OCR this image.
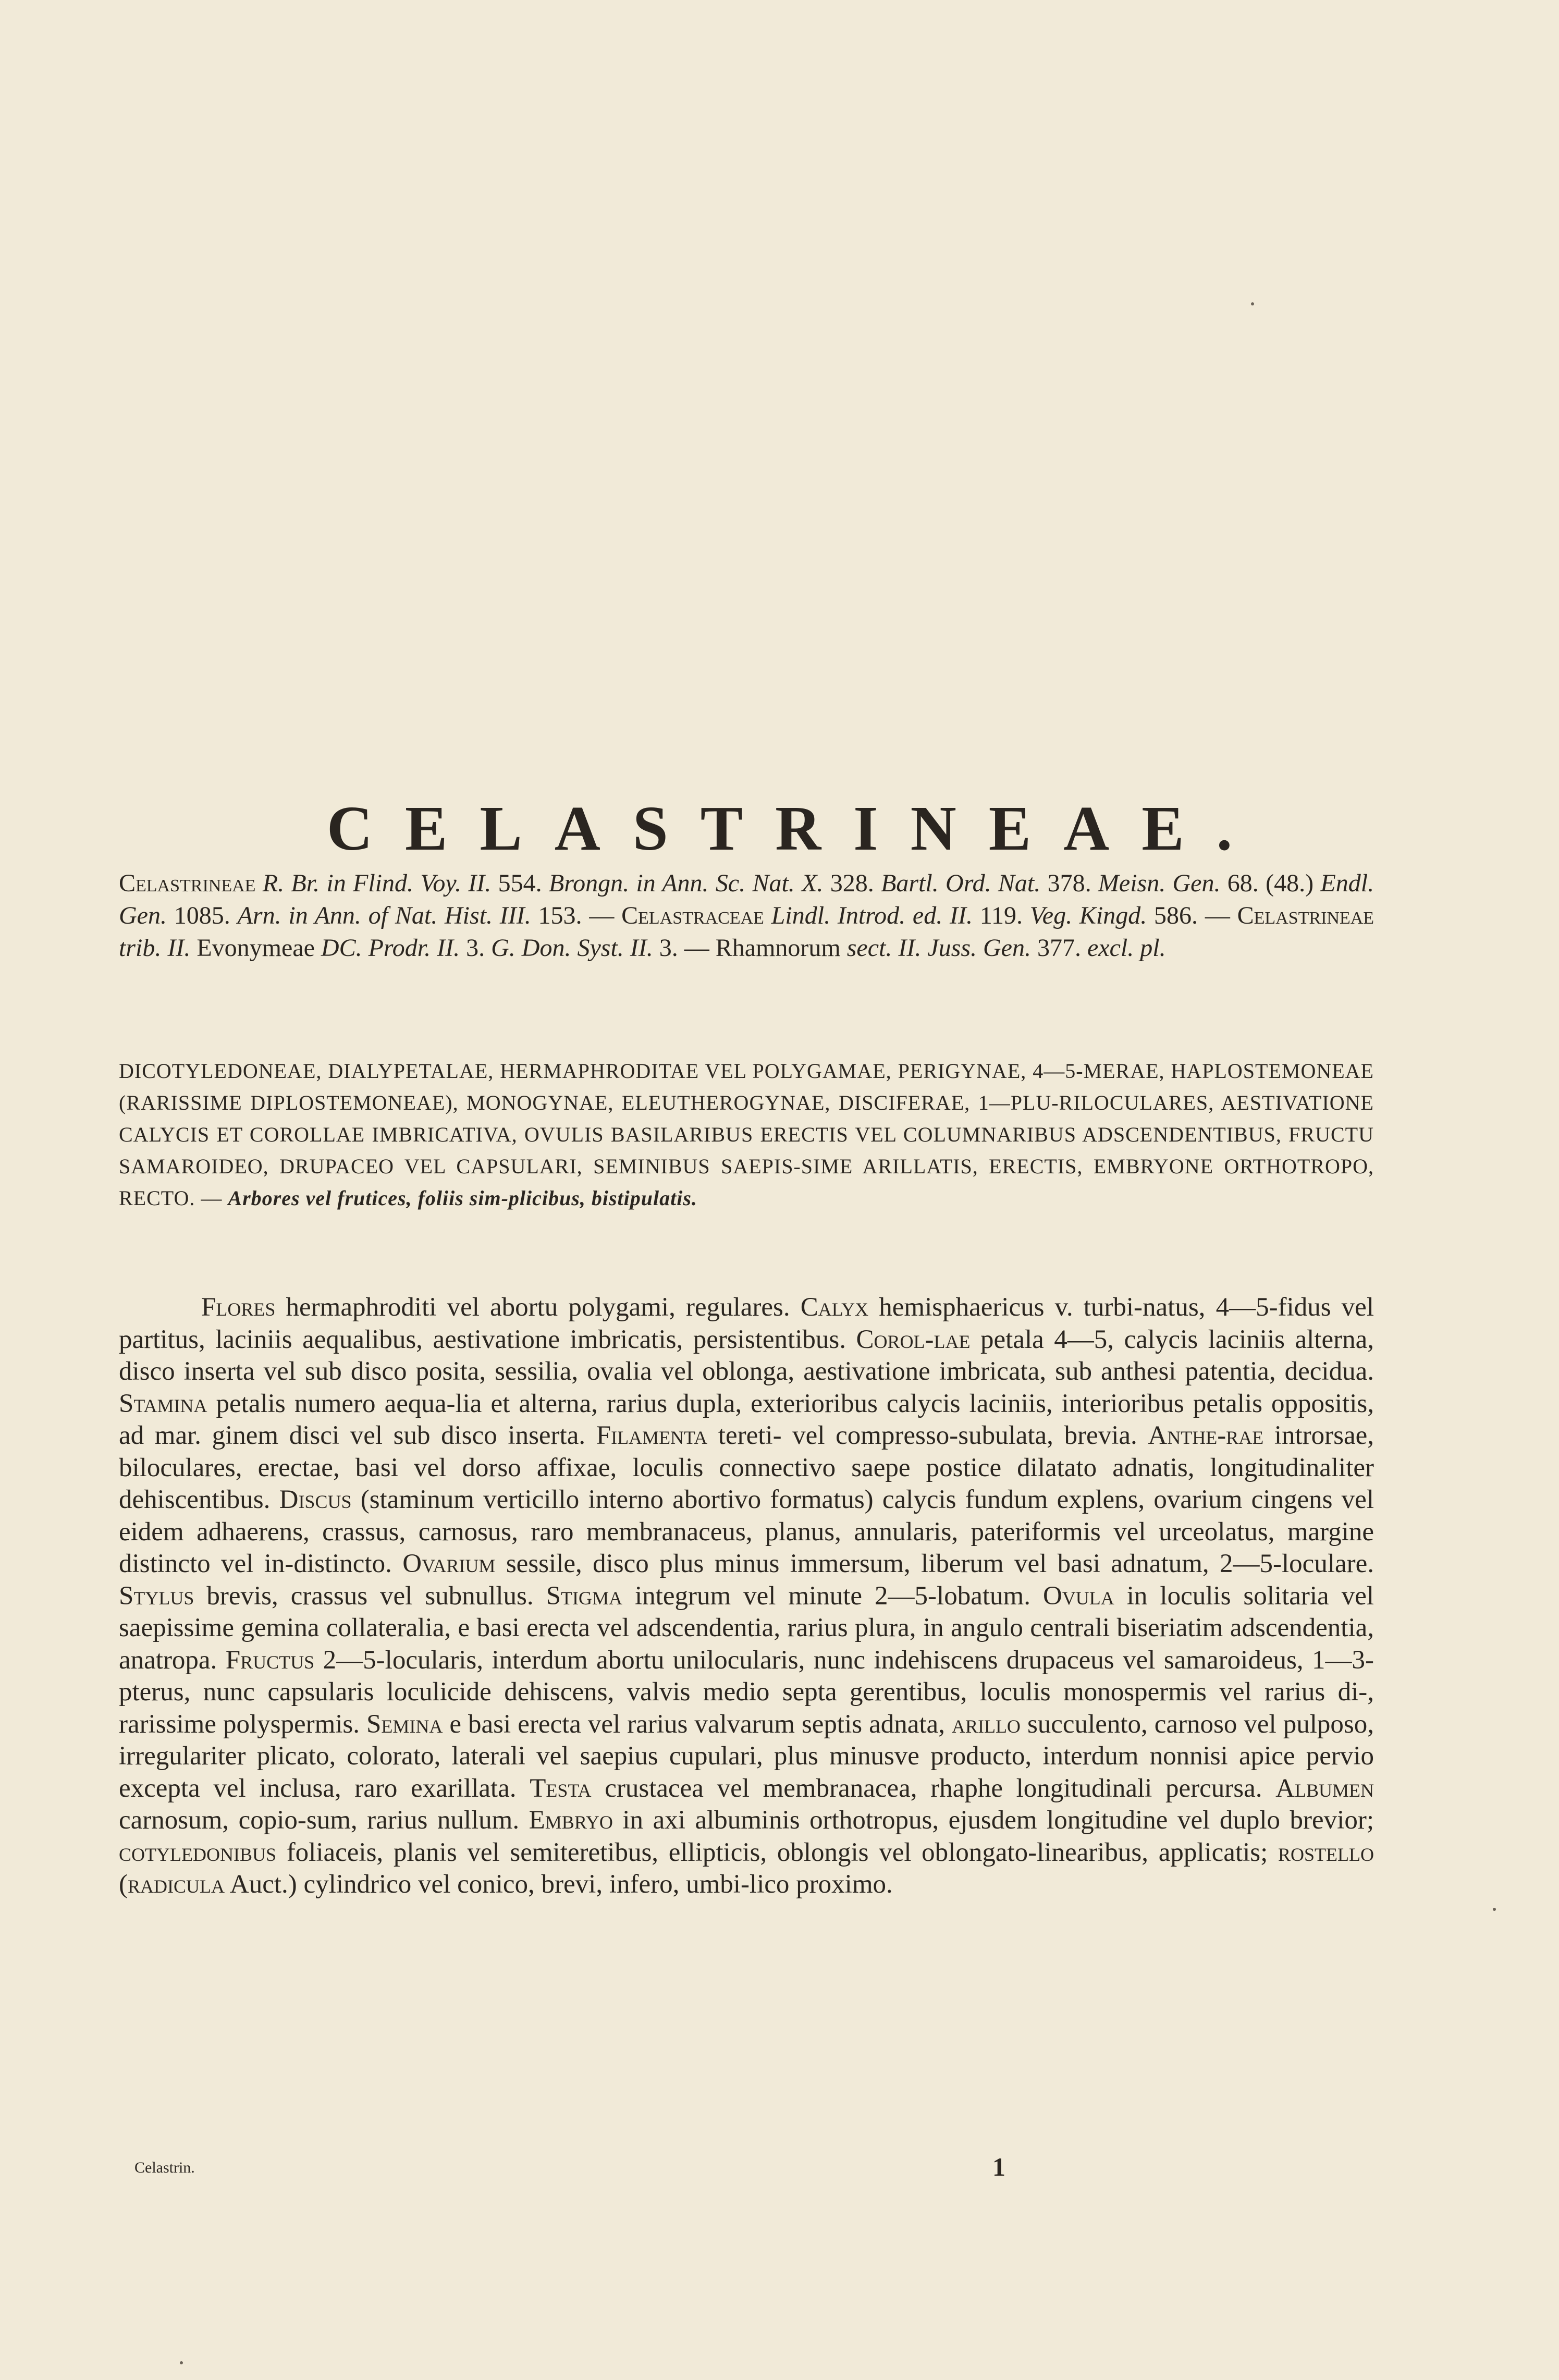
CELASTRINEAE.

Celastrineae R. Br. in Flind. Voy. II. 554. Brongn. in Ann. Sc. Nat. X. 328. Bartl. Ord. Nat. 378. Meisn. Gen. 68. (48.) Endl. Gen. 1085. Arn. in Ann. of Nat. Hist. III. 153. — Celastraceae Lindl. Introd. ed. II. 119. Veg. Kingd. 586. — Celastrineae trib. II. Evonymeae DC. Prodr. II. 3. G. Don. Syst. II. 3. — Rhamnorum sect. II. Juss. Gen. 377. excl. pl.

DICOTYLEDONEAE, DIALYPETALAE, HERMAPHRODITAE VEL POLYGAMAE, PERIGYNAE, 4—5-MERAE, HAPLOSTEMONEAE (RARISSIME DIPLOSTEMONEAE), MONOGYNAE, ELEUTHEROGYNAE, DISCIFERAE, 1—PLU-RILOCULARES, AESTIVATIONE CALYCIS ET COROLLAE IMBRICATIVA, OVULIS BASILARIBUS ERECTIS VEL COLUMNARIBUS ADSCENDENTIBUS, FRUCTU SAMAROIDEO, DRUPACEO VEL CAPSULARI, SEMINIBUS SAEPIS-SIME ARILLATIS, ERECTIS, EMBRYONE ORTHOTROPO, RECTO. — Arbores vel frutices, foliis sim-plicibus, bistipulatis.

Flores hermaphroditi vel abortu polygami, regulares. Calyx hemisphaericus v. turbi-natus, 4—5-fidus vel partitus, laciniis aequalibus, aestivatione imbricatis, persistentibus. Corol-lae petala 4—5, calycis laciniis alterna, disco inserta vel sub disco posita, sessilia, ovalia vel oblonga, aestivatione imbricata, sub anthesi patentia, decidua. Stamina petalis numero aequa-lia et alterna, rarius dupla, exterioribus calycis laciniis, interioribus petalis oppositis, ad mar. ginem disci vel sub disco inserta. Filamenta tereti- vel compresso-subulata, brevia. Anthe-rae introrsae, biloculares, erectae, basi vel dorso affixae, loculis connectivo saepe postice dilatato adnatis, longitudinaliter dehiscentibus. Discus (staminum verticillo interno abortivo formatus) calycis fundum explens, ovarium cingens vel eidem adhaerens, crassus, carnosus, raro membranaceus, planus, annularis, pateriformis vel urceolatus, margine distincto vel in-distincto. Ovarium sessile, disco plus minus immersum, liberum vel basi adnatum, 2—5-loculare. Stylus brevis, crassus vel subnullus. Stigma integrum vel minute 2—5-lobatum. Ovula in loculis solitaria vel saepissime gemina collateralia, e basi erecta vel adscendentia, rarius plura, in angulo centrali biseriatim adscendentia, anatropa. Fructus 2—5-locularis, interdum abortu unilocularis, nunc indehiscens drupaceus vel samaroideus, 1—3-pterus, nunc capsularis loculicide dehiscens, valvis medio septa gerentibus, loculis monospermis vel rarius di-, rarissime polyspermis. Semina e basi erecta vel rarius valvarum septis adnata, arillo succulento, carnoso vel pulposo, irregulariter plicato, colorato, laterali vel saepius cupulari, plus minusve producto, interdum nonnisi apice pervio excepta vel inclusa, raro exarillata. Testa crustacea vel membranacea, rhaphe longitudinali percursa. Albumen carnosum, copio-sum, rarius nullum. Embryo in axi albuminis orthotropus, ejusdem longitudine vel duplo brevior; cotyledonibus foliaceis, planis vel semiteretibus, ellipticis, oblongis vel oblongato-linearibus, applicatis; rostello (radicula Auct.) cylindrico vel conico, brevi, infero, umbi-lico proximo.

Celastrin.	1
